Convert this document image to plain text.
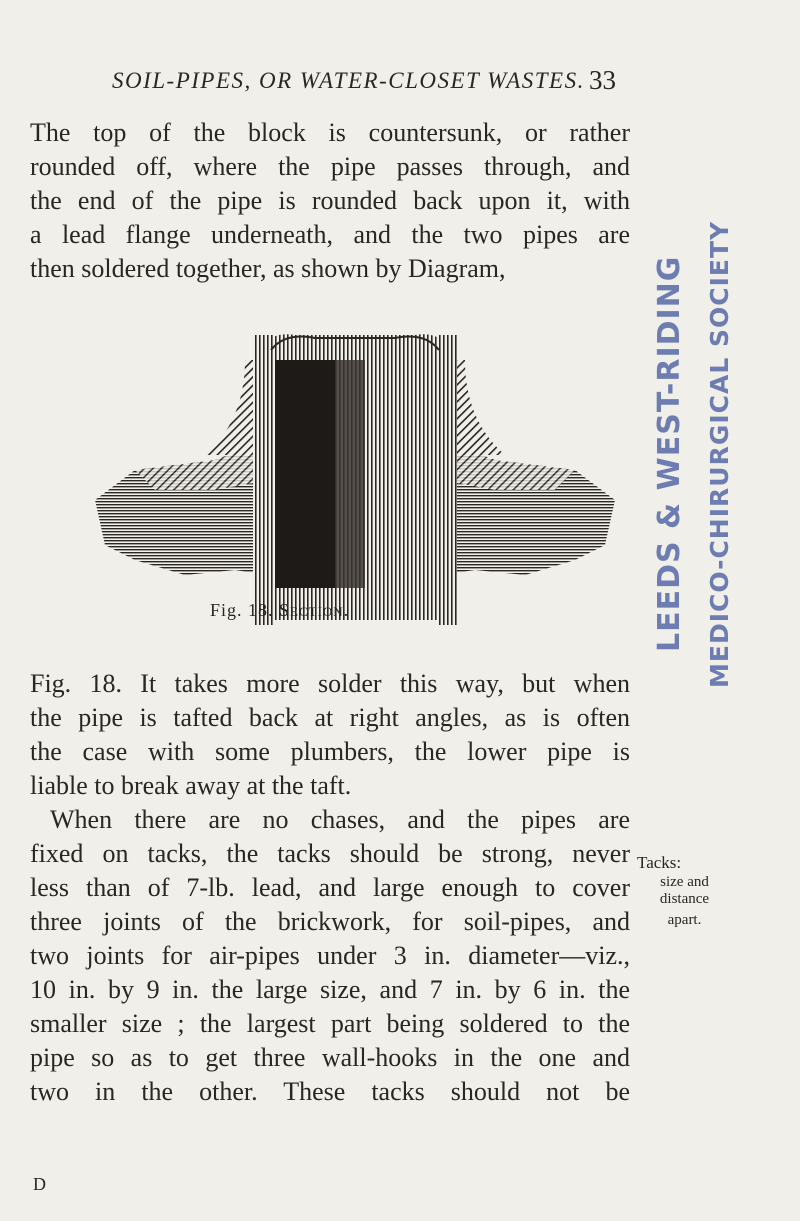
SOIL-PIPES, OR WATER-CLOSET WASTES. 33
The top of the block is countersunk, or rather
rounded off, where the pipe passes through, and
the end of the pipe is rounded back upon it, with
a lead flange underneath, and the two pipes are
then soldered together, as shown by Diagram,
Fig. 18. Section.	LEEDS & WEST-RIDING MEDICO-CHIRURGICAL SOCIETY
Fig. 18. It takes more solder this way, but when
the pipe is tafted back at right angles, as is often
the case with some plumbers, the lower pipe is
liable to break away at the taft.
When there are no chases, and the pipes are
fixed on tacks, the tacks should be strong, never
less than of 7-lb. lead, and large enough to cover
three joints of the brickwork, for soil-pipes, and
two joints for air-pipes under 3 in. diameter—viz.,
10 in. by 9 in. the large size, and 7 in. by 6 in. the
smaller size ; the largest part being soldered to the
pipe so as to get three wall-hooks in the one and
two in the other. These tacks should not be
Tacks:
size and
distance
apart.
D
